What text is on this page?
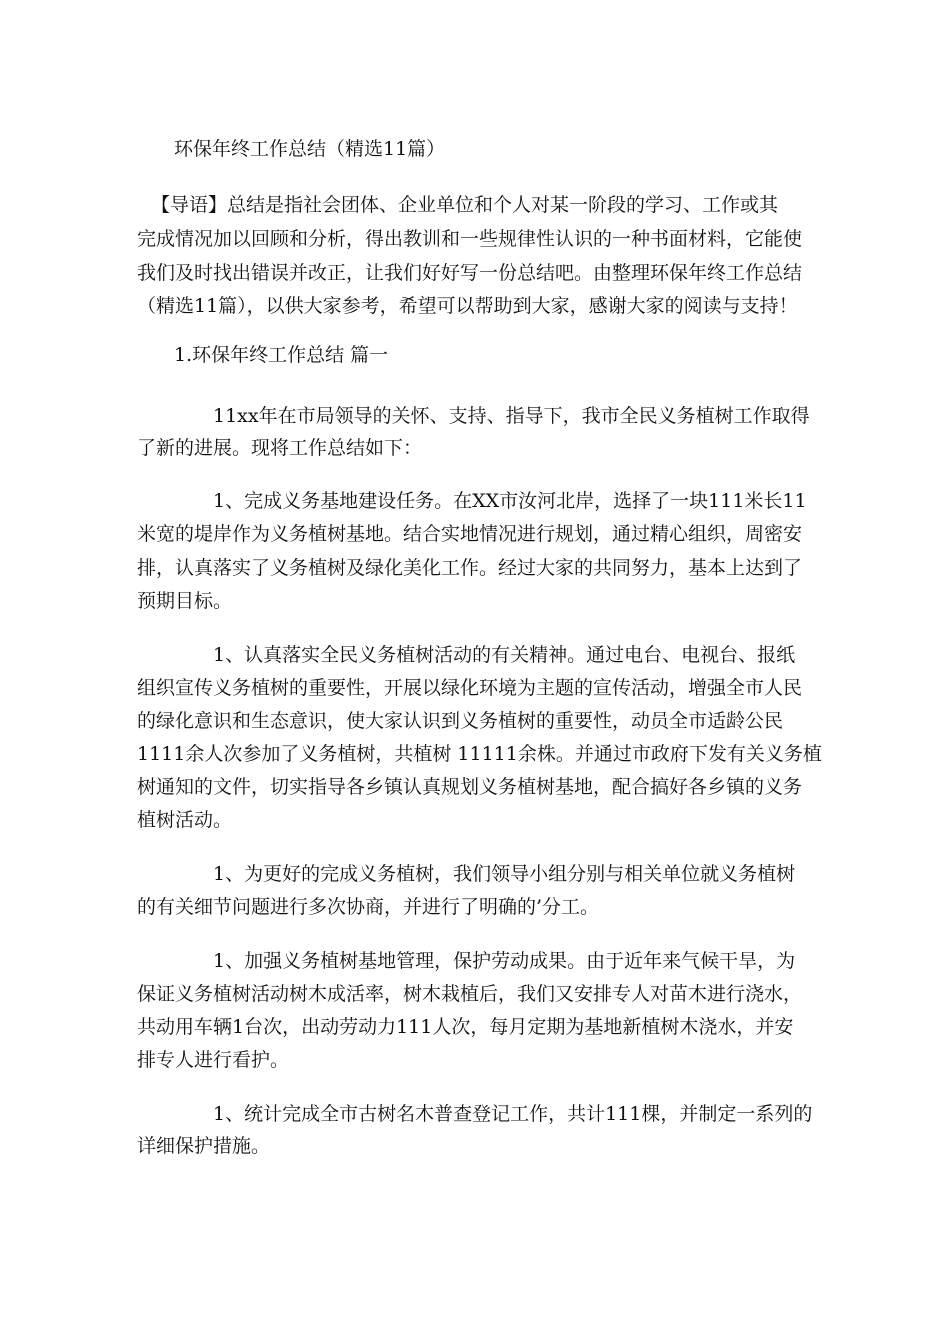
环保年终工作总结（精选11篇）
【导语】总结是指社会团体、企业单位和个人对某一阶段的学习、工作或其
完成情况加以回顾和分析，得出教训和一些规律性认识的一种书面材料，它能使
我们及时找出错误并改正，让我们好好写一份总结吧。由整理环保年终工作总结
（精选11篇），以供大家参考，希望可以帮助到大家，感谢大家的阅读与支持！
1.环保年终工作总结 篇一
11xx年在市局领导的关怀、支持、指导下，我市全民义务植树工作取得
了新的进展。现将工作总结如下：
1、完成义务基地建设任务。在XX市汝河北岸，选择了一块111米长11
米宽的堤岸作为义务植树基地。结合实地情况进行规划，通过精心组织，周密安
排，认真落实了义务植树及绿化美化工作。经过大家的共同努力，基本上达到了
预期目标。
1、认真落实全民义务植树活动的有关精神。通过电台、电视台、报纸
组织宣传义务植树的重要性，开展以绿化环境为主题的宣传活动，增强全市人民
的绿化意识和生态意识，使大家认识到义务植树的重要性，动员全市适龄公民
1111余人次参加了义务植树，共植树 11111余株。并通过市政府下发有关义务植
树通知的文件，切实指导各乡镇认真规划义务植树基地，配合搞好各乡镇的义务
植树活动。
1、为更好的完成义务植树，我们领导小组分别与相关单位就义务植树
的有关细节问题进行多次协商，并进行了明确的’分工。
1、加强义务植树基地管理，保护劳动成果。由于近年来气候干旱，为
保证义务植树活动树木成活率，树木栽植后，我们又安排专人对苗木进行浇水，
共动用车辆1台次，出动劳动力111人次，每月定期为基地新植树木浇水，并安
排专人进行看护。
1、统计完成全市古树名木普查登记工作，共计111棵，并制定一系列的
详细保护措施。
